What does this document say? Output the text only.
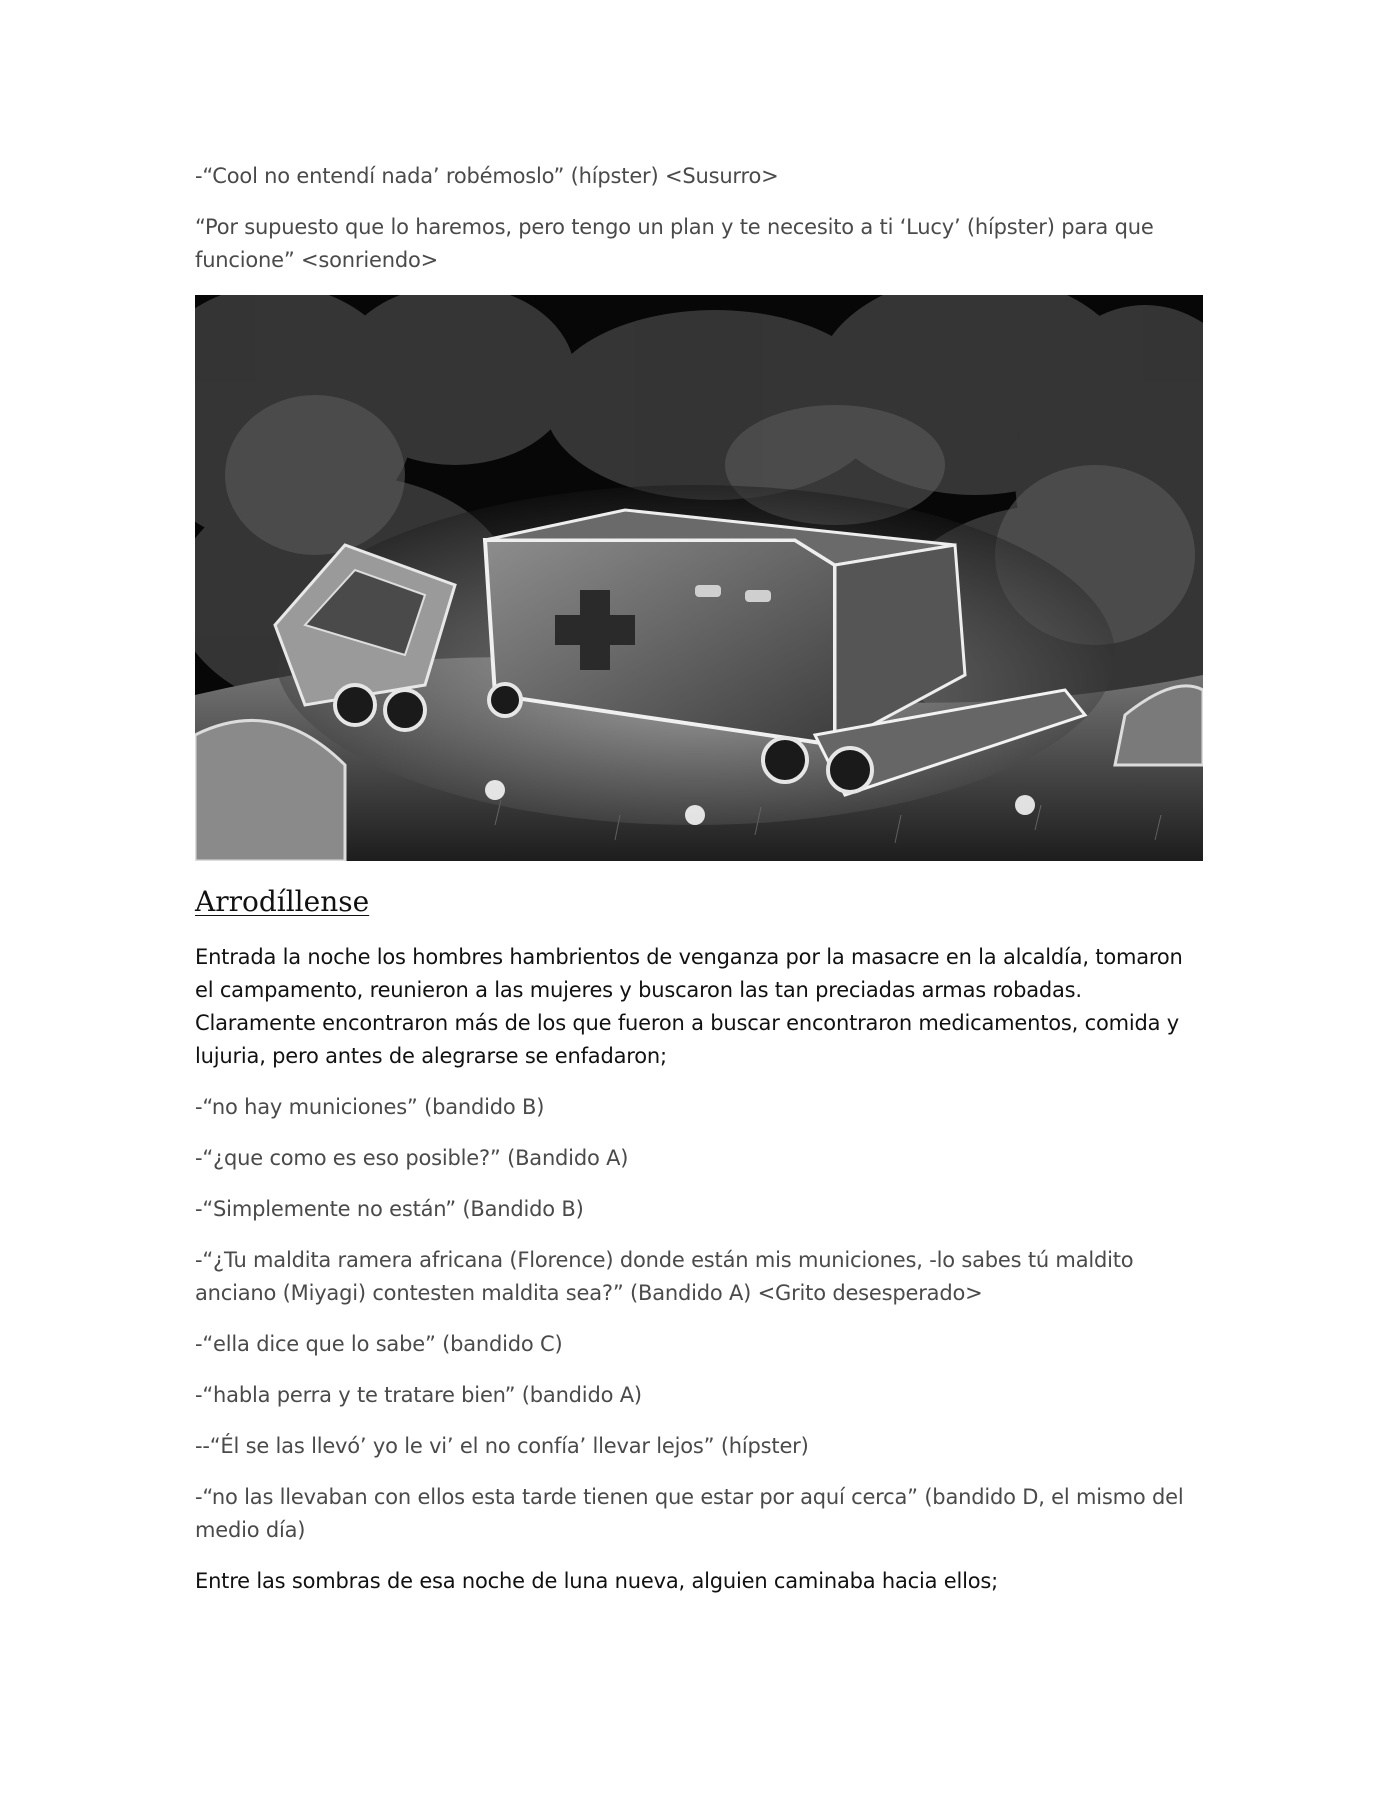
-“Cool no entendí nada’ robémoslo” (hípster) <Susurro>

“Por supuesto que lo haremos, pero tengo un plan y te necesito a ti ‘Lucy’ (hípster) para que funcione” <sonriendo>

Arrodíllense

Entrada la noche los hombres hambrientos de venganza por la masacre en la alcaldía, tomaron el campamento, reunieron a las mujeres y buscaron las tan preciadas armas robadas. Claramente encontraron más de los que fueron a buscar encontraron medicamentos, comida y lujuria, pero antes de alegrarse se enfadaron;

-“no hay municiones” (bandido B)

-“¿que como es eso posible?” (Bandido A)

-“Simplemente no están” (Bandido B)

-“¿Tu maldita ramera africana (Florence) donde están mis municiones, -lo sabes tú maldito anciano (Miyagi) contesten maldita sea?” (Bandido A) <Grito desesperado>

-“ella dice que lo sabe” (bandido C)

-“habla perra y te tratare bien” (bandido A)

--“Él se las llevó’ yo le vi’ el no confía’ llevar lejos” (hípster)

-“no las llevaban con ellos esta tarde tienen que estar por aquí cerca” (bandido D, el mismo del medio día)

Entre las sombras de esa noche de luna nueva, alguien caminaba hacia ellos;
